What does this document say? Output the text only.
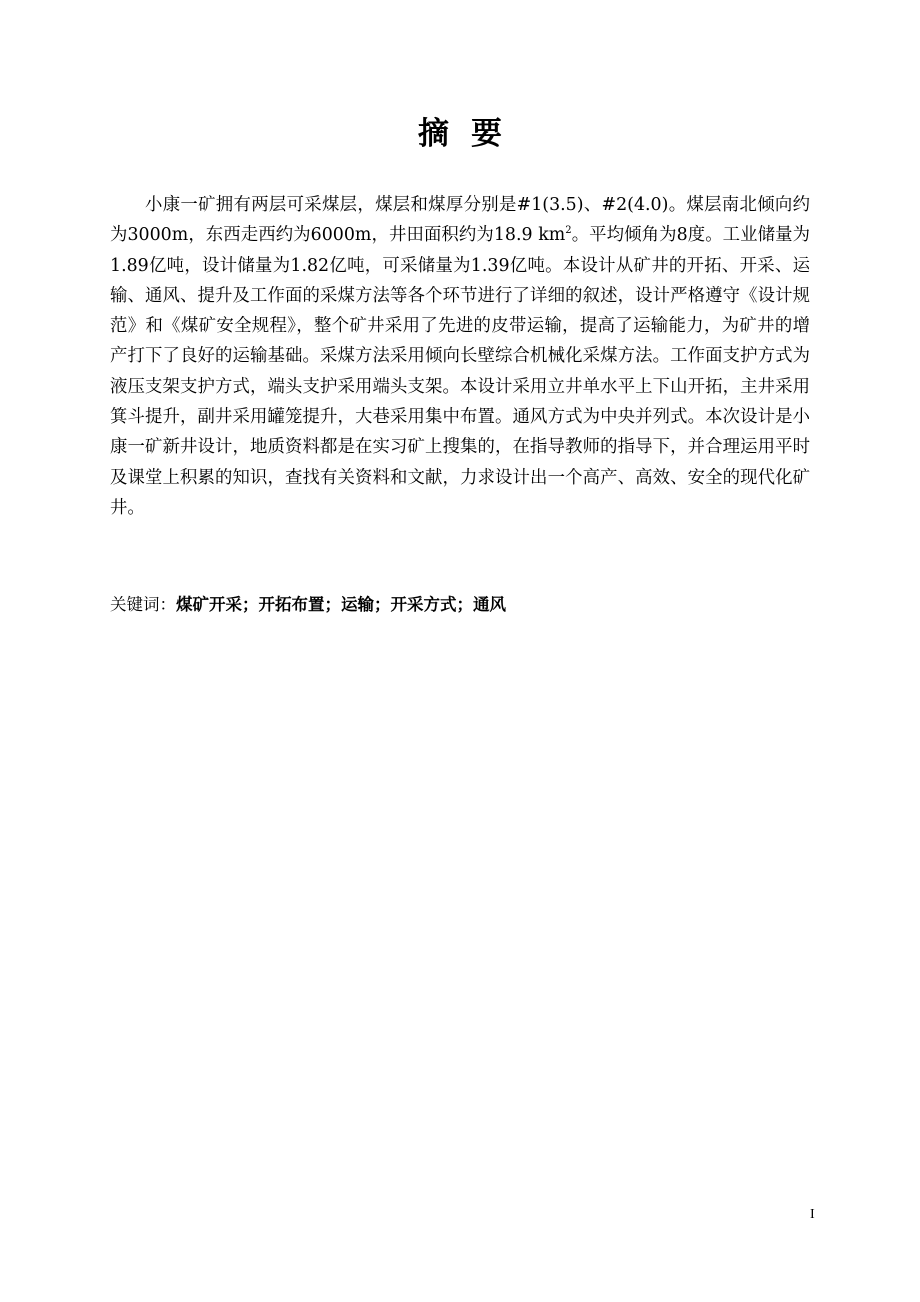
摘 要

小康一矿拥有两层可采煤层，煤层和煤厚分别是#1(3.5)、#2(4.0)。煤层南北倾向约为3000m，东西走西约为6000m，井田面积约为18.9 $km^2$。平均倾角为8度。工业储量为1.89亿吨，设计储量为1.82亿吨，可采储量为1.39亿吨。本设计从矿井的开拓、开采、运输、通风、提升及工作面的采煤方法等各个环节进行了详细的叙述，设计严格遵守《设计规范》和《煤矿安全规程》，整个矿井采用了先进的皮带运输，提高了运输能力，为矿井的增产打下了良好的运输基础。采煤方法采用倾向长壁综合机械化采煤方法。工作面支护方式为液压支架支护方式，端头支护采用端头支架。本设计采用立井单水平上下山开拓，主井采用箕斗提升，副井采用罐笼提升，大巷采用集中布置。通风方式为中央并列式。本次设计是小康一矿新井设计，地质资料都是在实习矿上搜集的，在指导教师的指导下，并合理运用平时及课堂上积累的知识，查找有关资料和文献，力求设计出一个高产、高效、安全的现代化矿井。

关键词：煤矿开采；开拓布置；运输；开采方式；通风

I
